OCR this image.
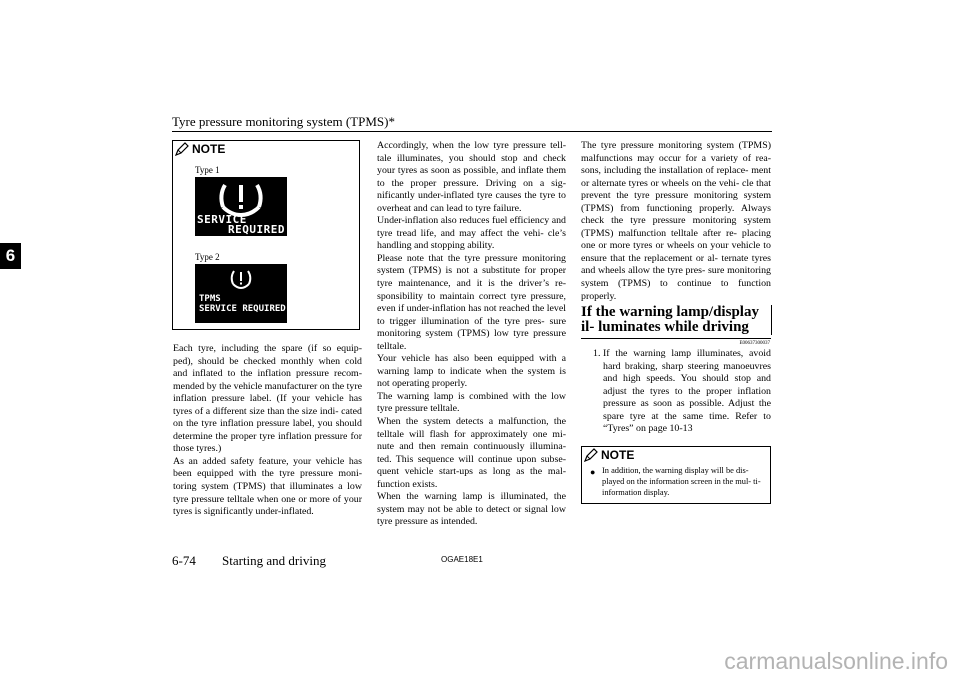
Tyre pressure monitoring system (TPMS)*
6
NOTE
Type 1
SERVICE
REQUIRED
Type 2
TPMS
SERVICE REQUIRED

Each tyre, including the spare (if so equip- ped), should be checked monthly when cold and inflated to the inflation pressure recom- mended by the vehicle manufacturer on the tyre inflation pressure label. (If your vehicle has tyres of a different size than the size indi- cated on the tyre inflation pressure label, you should determine the proper tyre inflation pressure for those tyres.)

As an added safety feature, your vehicle has been equipped with the tyre pressure moni- toring system (TPMS) that illuminates a low tyre pressure telltale when one or more of your tyres is significantly under-inflated.

Accordingly, when the low tyre pressure tell- tale illuminates, you should stop and check your tyres as soon as possible, and inflate them to the proper pressure. Driving on a sig- nificantly under-inflated tyre causes the tyre to overheat and can lead to tyre failure.

Under-inflation also reduces fuel efficiency and tyre tread life, and may affect the vehi- cle’s handling and stopping ability.

Please note that the tyre pressure monitoring system (TPMS) is not a substitute for proper tyre maintenance, and it is the driver’s re- sponsibility to maintain correct tyre pressure, even if under-inflation has not reached the level to trigger illumination of the tyre pres- sure monitoring system (TPMS) low tyre pressure telltale.

Your vehicle has also been equipped with a warning lamp to indicate when the system is not operating properly.

The warning lamp is combined with the low tyre pressure telltale.

When the system detects a malfunction, the telltale will flash for approximately one mi- nute and then remain continuously illumina- ted. This sequence will continue upon subse- quent vehicle start-ups as long as the mal- function exists.

When the warning lamp is illuminated, the system may not be able to detect or signal low tyre pressure as intended.

The tyre pressure monitoring system (TPMS) malfunctions may occur for a variety of rea- sons, including the installation of replace- ment or alternate tyres or wheels on the vehi- cle that prevent the tyre pressure monitoring system (TPMS) from functioning properly. Always check the tyre pressure monitoring system (TPMS) malfunction telltale after re- placing one or more tyres or wheels on your vehicle to ensure that the replacement or al- ternate tyres and wheels allow the tyre pres- sure monitoring system (TPMS) to continue to function properly.

If the warning lamp/display il- luminates while driving
E00637300037
1. If the warning lamp illuminates, avoid hard braking, sharp steering manoeuvres and high speeds. You should stop and adjust the tyres to the proper inflation pressure as soon as possible. Adjust the spare tyre at the same time. Refer to “Tyres” on page 10-13
NOTE
● In addition, the warning display will be dis- played on the information screen in the mul- ti-information display.
6-74 Starting and driving	OGAE18E1
carmanualsonline.info
